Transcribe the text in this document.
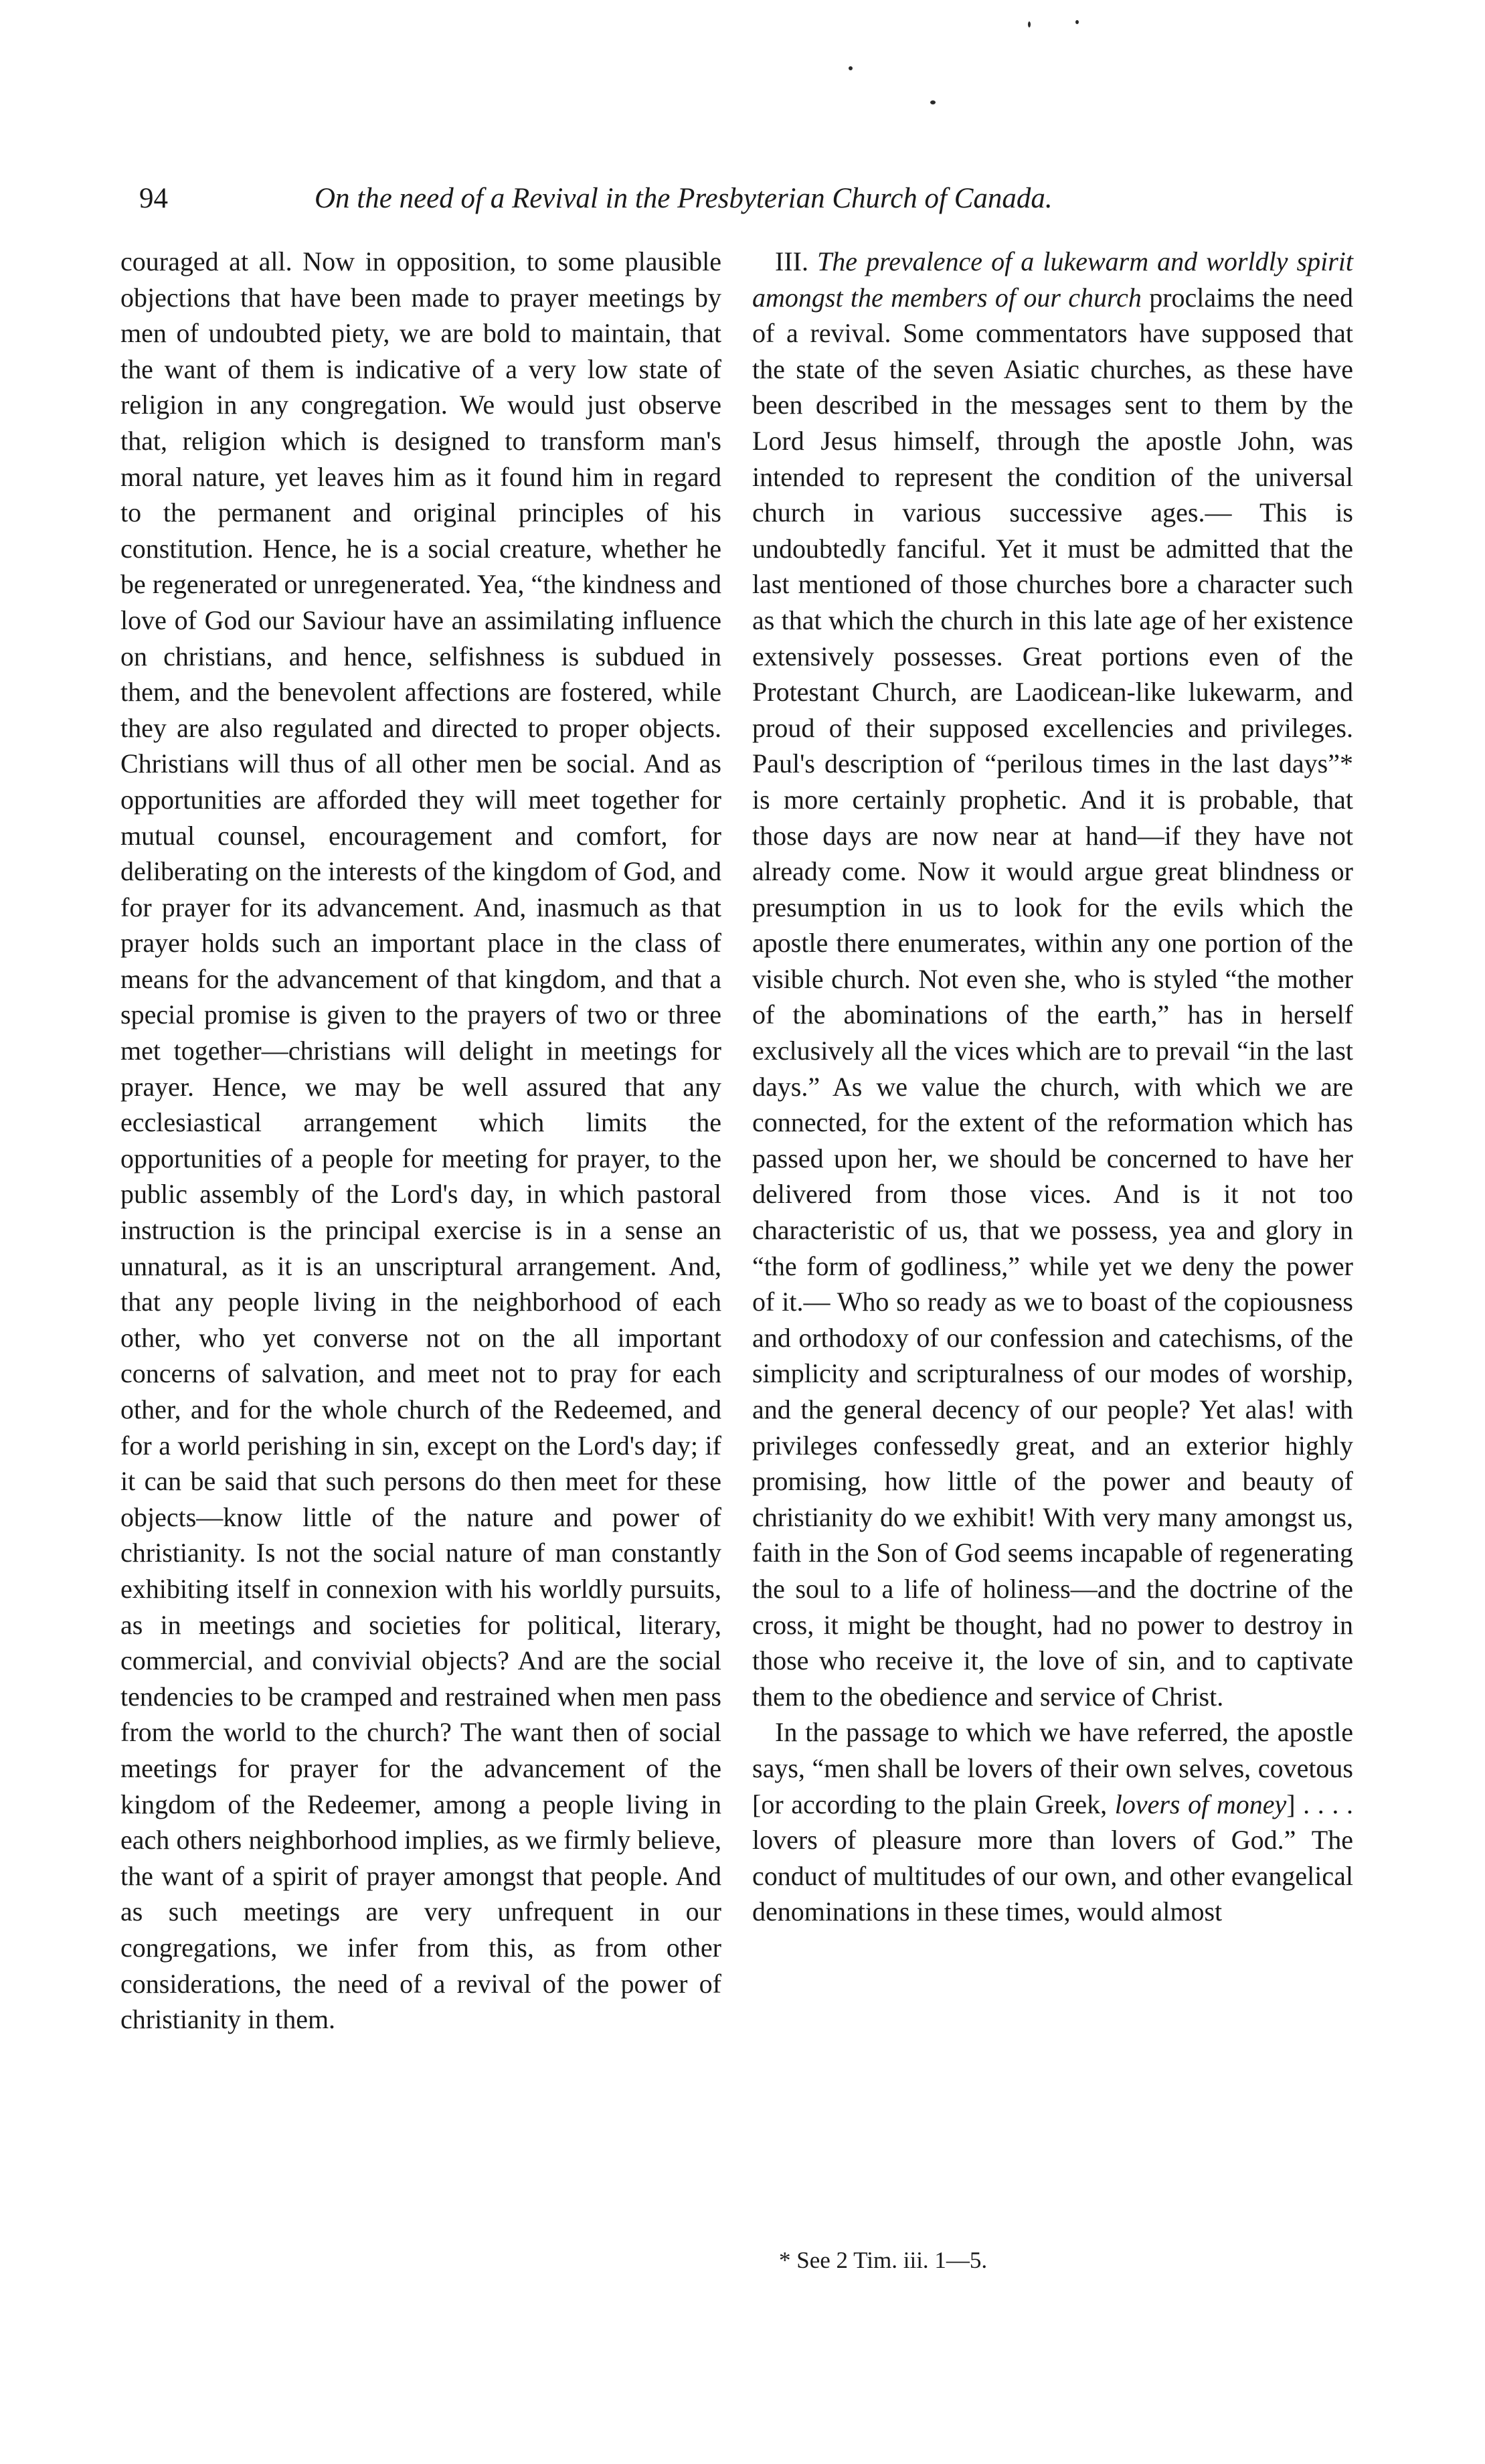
94	On the need of a Revival in the Presbyterian Church of Canada.

couraged at all. Now in opposition, to some plausible objections that have been made to prayer meetings by men of undoubted piety, we are bold to maintain, that the want of them is indicative of a very low state of religion in any congregation. We would just observe that, religion which is designed to transform man's moral nature, yet leaves him as it found him in regard to the permanent and original principles of his constitution. Hence, he is a social creature, whether he be regenerated or unregenerated. Yea, “the kindness and love of God our Saviour have an assimilating influence on christians, and hence, selfishness is subdued in them, and the benevolent affections are fostered, while they are also regulated and directed to proper objects. Christians will thus of all other men be social. And as opportunities are afforded they will meet together for mutual counsel, encouragement and comfort, for deliberating on the interests of the kingdom of God, and for prayer for its advancement. And, inasmuch as that prayer holds such an important place in the class of means for the advancement of that kingdom, and that a special promise is given to the prayers of two or three met together—christians will delight in meetings for prayer. Hence, we may be well assured that any ecclesiastical arrangement which limits the opportunities of a people for meeting for prayer, to the public assembly of the Lord's day, in which pastoral instruction is the principal exercise is in a sense an unnatural, as it is an unscriptural arrangement. And, that any people living in the neighborhood of each other, who yet converse not on the all important concerns of salvation, and meet not to pray for each other, and for the whole church of the Redeemed, and for a world perishing in sin, except on the Lord's day; if it can be said that such persons do then meet for these objects—know little of the nature and power of christianity. Is not the social nature of man constantly exhibiting itself in connexion with his worldly pursuits, as in meetings and societies for political, literary, commercial, and convivial objects? And are the social tendencies to be cramped and restrained when men pass from the world to the church? The want then of social meetings for prayer for the advancement of the kingdom of the Redeemer, among a people living in each others neighborhood implies, as we firmly believe, the want of a spirit of prayer amongst that people. And as such meetings are very unfrequent in our congregations, we infer from this, as from other considerations, the need of a revival of the power of christianity in them.

III. The prevalence of a lukewarm and worldly spirit amongst the members of our church proclaims the need of a revival. Some commentators have supposed that the state of the seven Asiatic churches, as these have been described in the messages sent to them by the Lord Jesus himself, through the apostle John, was intended to represent the condition of the universal church in various successive ages.— This is undoubtedly fanciful. Yet it must be admitted that the last mentioned of those churches bore a character such as that which the church in this late age of her existence extensively possesses. Great portions even of the Protestant Church, are Laodicean-like lukewarm, and proud of their supposed excellencies and privileges. Paul's description of “perilous times in the last days”* is more certainly prophetic. And it is probable, that those days are now near at hand—if they have not already come. Now it would argue great blindness or presumption in us to look for the evils which the apostle there enumerates, within any one portion of the visible church. Not even she, who is styled “the mother of the abominations of the earth,” has in herself exclusively all the vices which are to prevail “in the last days.” As we value the church, with which we are connected, for the extent of the reformation which has passed upon her, we should be concerned to have her delivered from those vices. And is it not too characteristic of us, that we possess, yea and glory in “the form of godliness,” while yet we deny the power of it.— Who so ready as we to boast of the copiousness and orthodoxy of our confession and catechisms, of the simplicity and scripturalness of our modes of worship, and the general decency of our people? Yet alas! with privileges confessedly great, and an exterior highly promising, how little of the power and beauty of christianity do we exhibit! With very many amongst us, faith in the Son of God seems incapable of regenerating the soul to a life of holiness—and the doctrine of the cross, it might be thought, had no power to destroy in those who receive it, the love of sin, and to captivate them to the obedience and service of Christ.

In the passage to which we have referred, the apostle says, “men shall be lovers of their own selves, covetous [or according to the plain Greek, lovers of money] . . . . lovers of pleasure more than lovers of God.” The conduct of multitudes of our own, and other evangelical denominations in these times, would almost

* See 2 Tim. iii. 1—5.
